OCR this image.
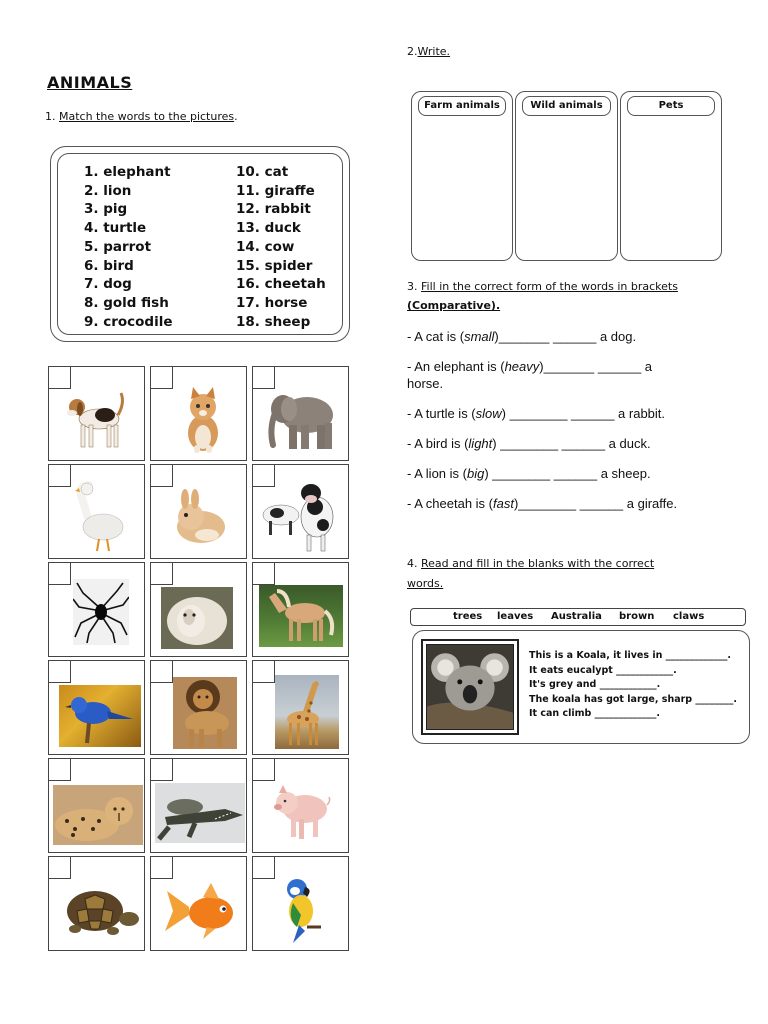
ANIMALS
1. Match the words to the pictures.
1. elephant
2. lion
3. pig
4. turtle
5. parrot
6. bird
7. dog
8. gold fish
9. crocodile
10. cat
11. giraffe
12. rabbit
13. duck
14. cow
15. spider
16. cheetah
17. horse
18. sheep
2.Write.
Farm animals	Wild animals	Pets
3. Fill in the correct form of the words in brackets
(Comparative).
- A cat is (small)_______ ______ a dog.
- An elephant is (heavy)_______ ______ a
horse.
- A turtle is (slow) ________ ______ a rabbit.
- A bird is (light) ________ ______ a duck.
- A lion is (big) ________ ______ a sheep.
- A cheetah is (fast)________ ______ a giraffe.
4. Read and fill in the blanks with the correct
words.
trees leaves Australia brown claws
This is a Koala, it lives in _____________.
It eats eucalypt ____________.
It's grey and ____________.
The koala has got large, sharp ________.
It can climb _____________.
